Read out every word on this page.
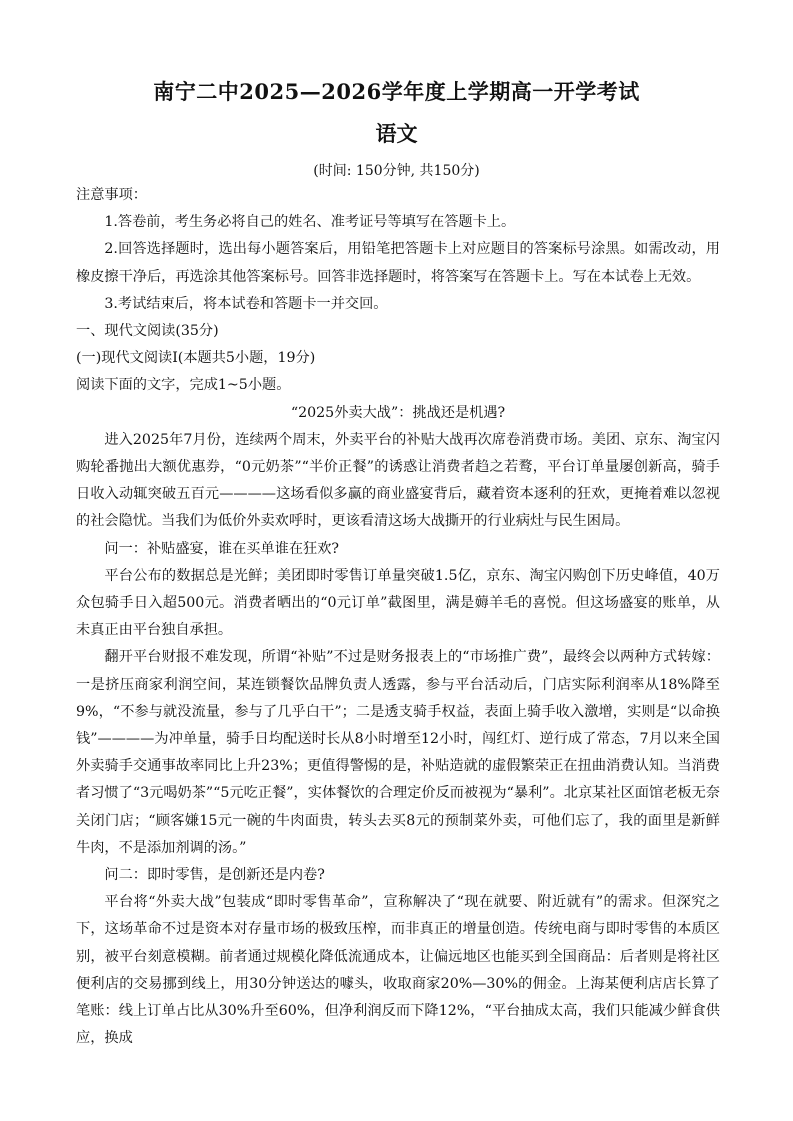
南宁二中2025—2026学年度上学期高一开学考试
语文
(时间: 150分钟, 共150分)

注意事项：

1.答卷前，考生务必将自己的姓名、准考证号等填写在答题卡上。

2.回答选择题时，选出每小题答案后，用铅笔把答题卡上对应题目的答案标号涂黑。如需改动，用橡皮擦干净后，再选涂其他答案标号。回答非选择题时，将答案写在答题卡上。写在本试卷上无效。

3.考试结束后，将本试卷和答题卡一并交回。

一、现代文阅读(35分)

(一)现代文阅读Ⅰ(本题共5小题，19分)

阅读下面的文字，完成1~5小题。

“2025外卖大战”：挑战还是机遇?

进入2025年7月份，连续两个周末，外卖平台的补贴大战再次席卷消费市场。美团、京东、淘宝闪购轮番抛出大额优惠券，“0元奶茶”“半价正餐”的诱惑让消费者趋之若鹜，平台订单量屡创新高，骑手日收入动辄突破五百元————这场看似多赢的商业盛宴背后，藏着资本逐利的狂欢，更掩着难以忽视的社会隐忧。当我们为低价外卖欢呼时，更该看清这场大战撕开的行业病灶与民生困局。

问一：补贴盛宴，谁在买单谁在狂欢?

平台公布的数据总是光鲜；美团即时零售订单量突破1.5亿，京东、淘宝闪购创下历史峰值，40万众包骑手日入超500元。消费者晒出的“0元订单”截图里，满是薅羊毛的喜悦。但这场盛宴的账单，从未真正由平台独自承担。

翻开平台财报不难发现，所谓“补贴”不过是财务报表上的“市场推广费”，最终会以两种方式转嫁：一是挤压商家利润空间，某连锁餐饮品牌负责人透露，参与平台活动后，门店实际利润率从18%降至9%，“不参与就没流量，参与了几乎白干”；二是透支骑手权益，表面上骑手收入激增，实则是“以命换钱”————为冲单量，骑手日均配送时长从8小时增至12小时，闯红灯、逆行成了常态，7月以来全国外卖骑手交通事故率同比上升23%；更值得警惕的是，补贴造就的虚假繁荣正在扭曲消费认知。当消费者习惯了“3元喝奶茶”“5元吃正餐”，实体餐饮的合理定价反而被视为“暴利”。北京某社区面馆老板无奈关闭门店；“顾客嫌15元一碗的牛肉面贵，转头去买8元的预制菜外卖，可他们忘了，我的面里是新鲜牛肉，不是添加剂调的汤。”

问二：即时零售，是创新还是内卷?

平台将“外卖大战”包装成“即时零售革命”，宣称解决了“现在就要、附近就有”的需求。但深究之下，这场革命不过是资本对存量市场的极致压榨，而非真正的增量创造。传统电商与即时零售的本质区别，被平台刻意模糊。前者通过规模化降低流通成本，让偏远地区也能买到全国商品：后者则是将社区便利店的交易挪到线上，用30分钟送达的噱头，收取商家20%—30%的佣金。上海某便利店店长算了笔账：线上订单占比从30%升至60%，但净利润反而下降12%，“平台抽成太高，我们只能减少鲜食供应，换成
